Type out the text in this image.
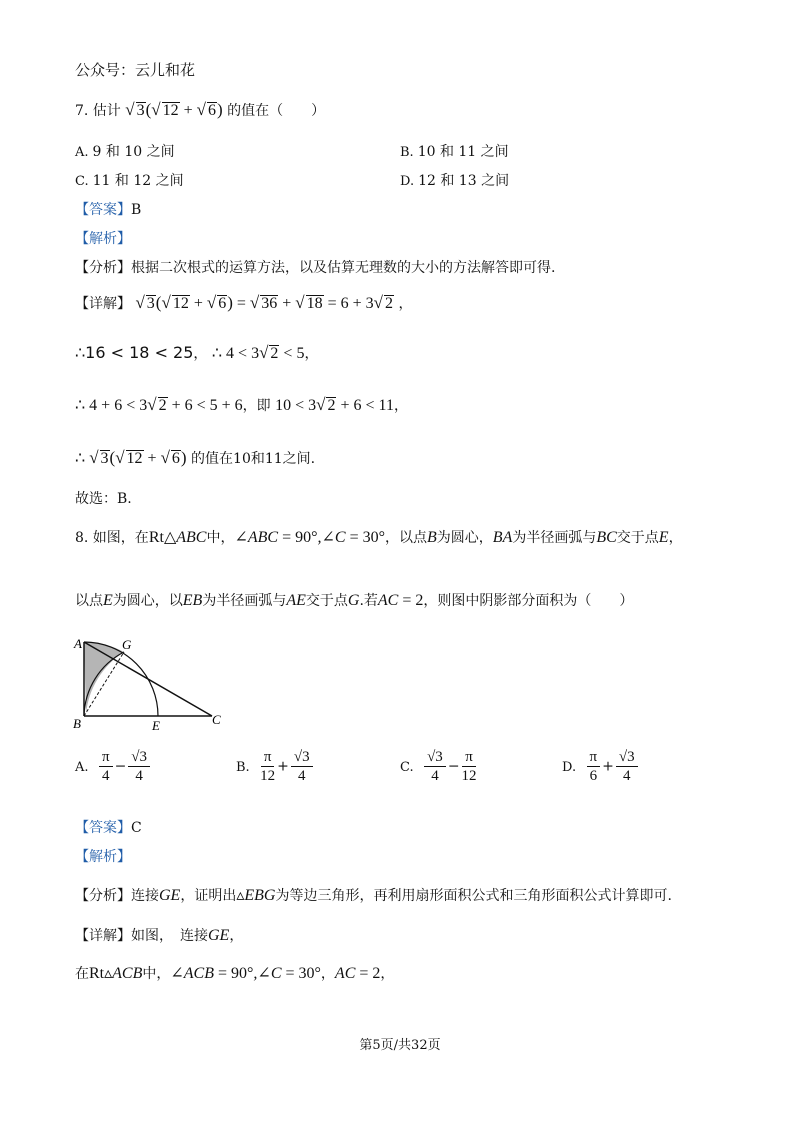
公众号：云儿和花
7. 估计 √ 3(√ 12 + √ 6) 的值在（　　）
A. 9 和 10 之间	B. 10 和 11 之间
C. 11 和 12 之间	D. 12 和 13 之间
【答案】B
【解析】
【分析】根据二次根式的运算方法，以及估算无理数的大小的方法解答即可得.
【详解】 √ 3(√ 12 + √ 6) = √ 36 + √ 18 = 6 + 3√ 2 ，
∴16 < 18 < 25， ∴ 4 < 3√ 2 < 5，
∴ 4 + 6 < 3√ 2 + 6 < 5 + 6，即 10 < 3√ 2 + 6 < 11，
∴ √ 3(√ 12 + √ 6) 的值在10和11之间.
故选：B.
8. 如图，在Rt△ABC中，∠ABC = 90°,∠C = 30°，以点B为圆心，BA为半径画弧与BC交于点E，
以点E为圆心，以EB为半径画弧与AE交于点G.若AC = 2，则图中阴影部分面积为（　　）
A	G
B	E	C
A. $\frac{\pi}{4} - \frac{√3}{4}$	B. $\frac{\pi}{12} + \frac{√3}{4}$	C. $\frac{√3}{4} - \frac{\pi}{12}$	D. $\frac{\pi}{6} + \frac{√3}{4}$
【答案】C
【解析】
【分析】连接GE，证明出▵EBG为等边三角形，再利用扇形面积公式和三角形面积公式计算即可.
【详解】如图，　连接GE，
在Rt▵ACB中，∠ACB = 90°,∠C = 30°，AC = 2，
第5页/共32页
